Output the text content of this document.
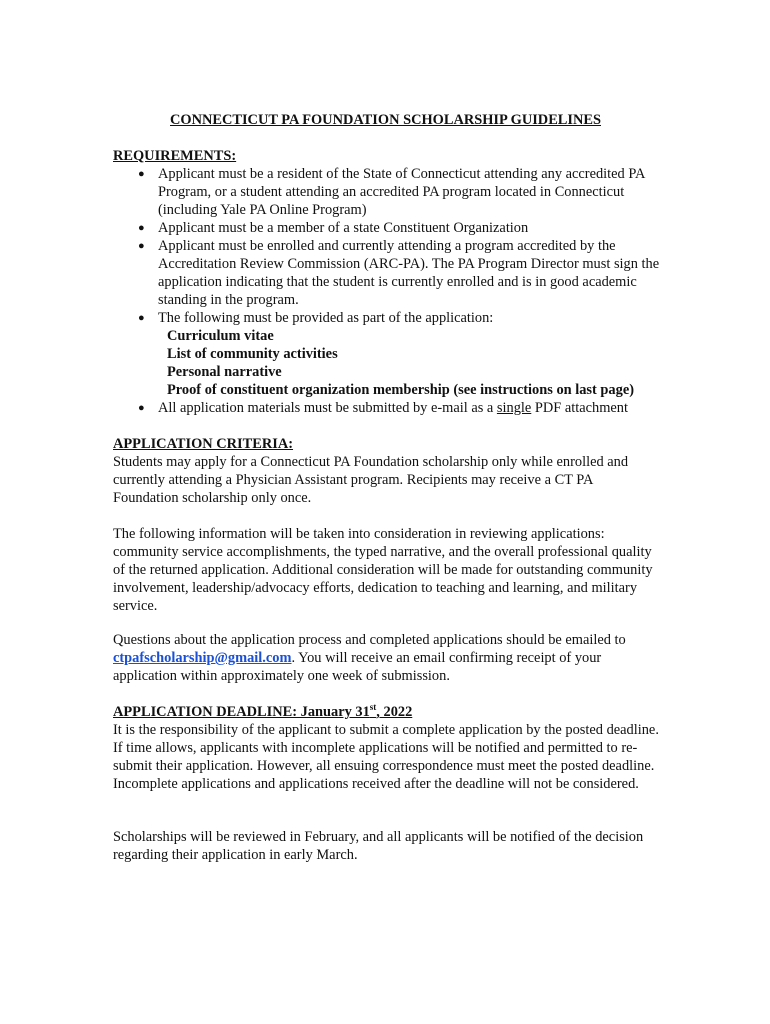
CONNECTICUT PA FOUNDATION SCHOLARSHIP GUIDELINES
REQUIREMENTS:
● Applicant must be a resident of the State of Connecticut attending any accredited PA Program, or a student attending an accredited PA program located in Connecticut (including Yale PA Online Program)
● Applicant must be a member of a state Constituent Organization
● Applicant must be enrolled and currently attending a program accredited by the Accreditation Review Commission (ARC-PA). The PA Program Director must sign the application indicating that the student is currently enrolled and is in good academic standing in the program.
● The following must be provided as part of the application:
Curriculum vitae
List of community activities
Personal narrative
Proof of constituent organization membership (see instructions on last page)
● All application materials must be submitted by e-mail as a single PDF attachment
APPLICATION CRITERIA:

Students may apply for a Connecticut PA Foundation scholarship only while enrolled and currently attending a Physician Assistant program. Recipients may receive a CT PA Foundation scholarship only once.

The following information will be taken into consideration in reviewing applications: community service accomplishments, the typed narrative, and the overall professional quality of the returned application. Additional consideration will be made for outstanding community involvement, leadership/advocacy efforts, dedication to teaching and learning, and military service.

Questions about the application process and completed applications should be emailed to ctpafscholarship@gmail.com. You will receive an email confirming receipt of your application within approximately one week of submission.

APPLICATION DEADLINE: January 31st, 2022

It is the responsibility of the applicant to submit a complete application by the posted deadline. If time allows, applicants with incomplete applications will be notified and permitted to re-submit their application. However, all ensuing correspondence must meet the posted deadline. Incomplete applications and applications received after the deadline will not be considered.

Scholarships will be reviewed in February, and all applicants will be notified of the decision regarding their application in early March.
